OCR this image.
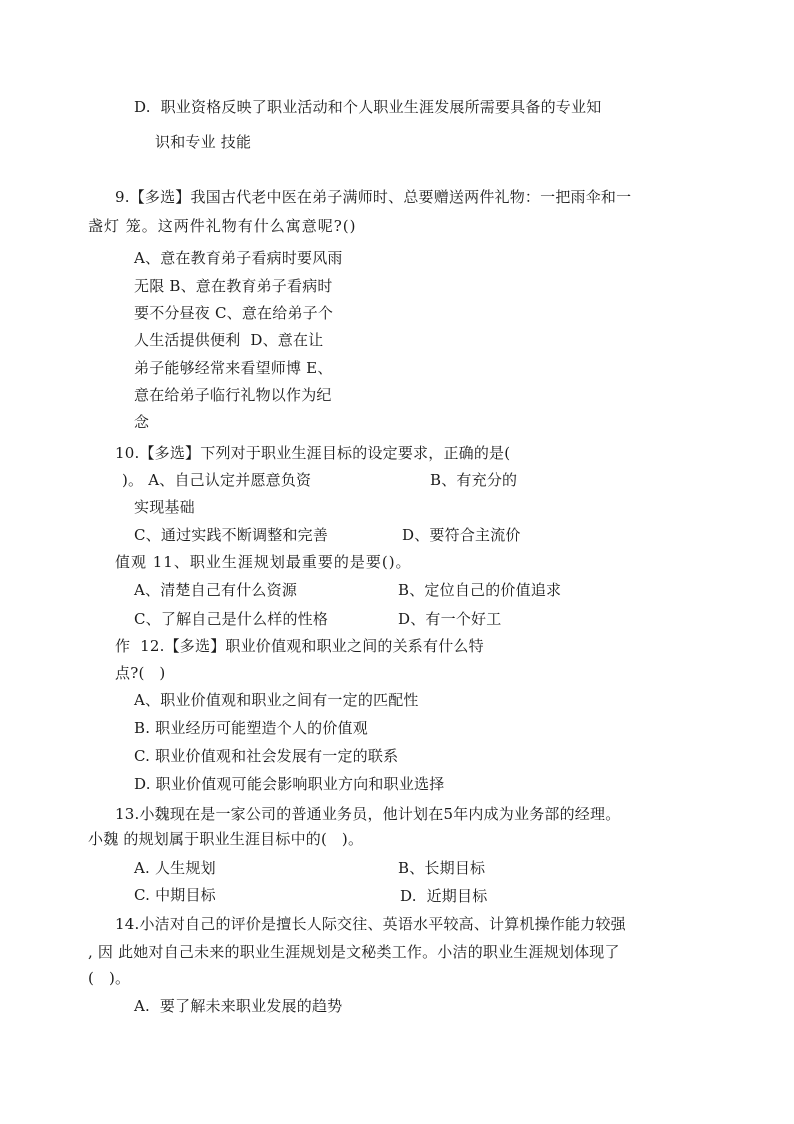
D.  职业资格反映了职业活动和个人职业生涯发展所需要具备的专业知
识和专业 技能
9.【多选】我国古代老中医在弟子满师时、总要赠送两件礼物：一把雨伞和一
盏灯 笼。这两件礼物有什么寓意呢?()
A、意在教育弟子看病时要风雨
无限 B、意在教育弟子看病时
要不分昼夜 C、意在给弟子个
人生活提供便利  D、意在让
弟子能够经常来看望师博 E、
意在给弟子临行礼物以作为纪
念
10.【多选】下列对于职业生涯目标的设定要求，正确的是(
)。 A、自己认定并愿意负资	B、有充分的
实现基础
C、通过实践不断调整和完善	D、要符合主流价
值观 11、职业生涯规划最重要的是要()。
A、清楚自己有什么资源	B、定位自己的价值追求
C、了解自己是什么样的性格	D、有一个好工
作  12.【多选】职业价值观和职业之间的关系有什么特
点?(   )
A、职业价值观和职业之间有一定的匹配性
B. 职业经历可能塑造个人的价值观
C. 职业价值观和社会发展有一定的联系
D. 职业价值观可能会影响职业方向和职业选择
13.小魏现在是一家公司的普通业务员，他计划在5年内成为业务部的经理。
小魏 的规划属于职业生涯目标中的(   )。
A. 人生规划	B、长期目标
C. 中期目标	D.  近期目标
14.小洁对自己的评价是擅长人际交往、英语水平较高、计算机操作能力较强
, 因 此她对自己未来的职业生涯规划是文秘类工作。小洁的职业生涯规划体现了
(   )。
A.  要了解未来职业发展的趋势
